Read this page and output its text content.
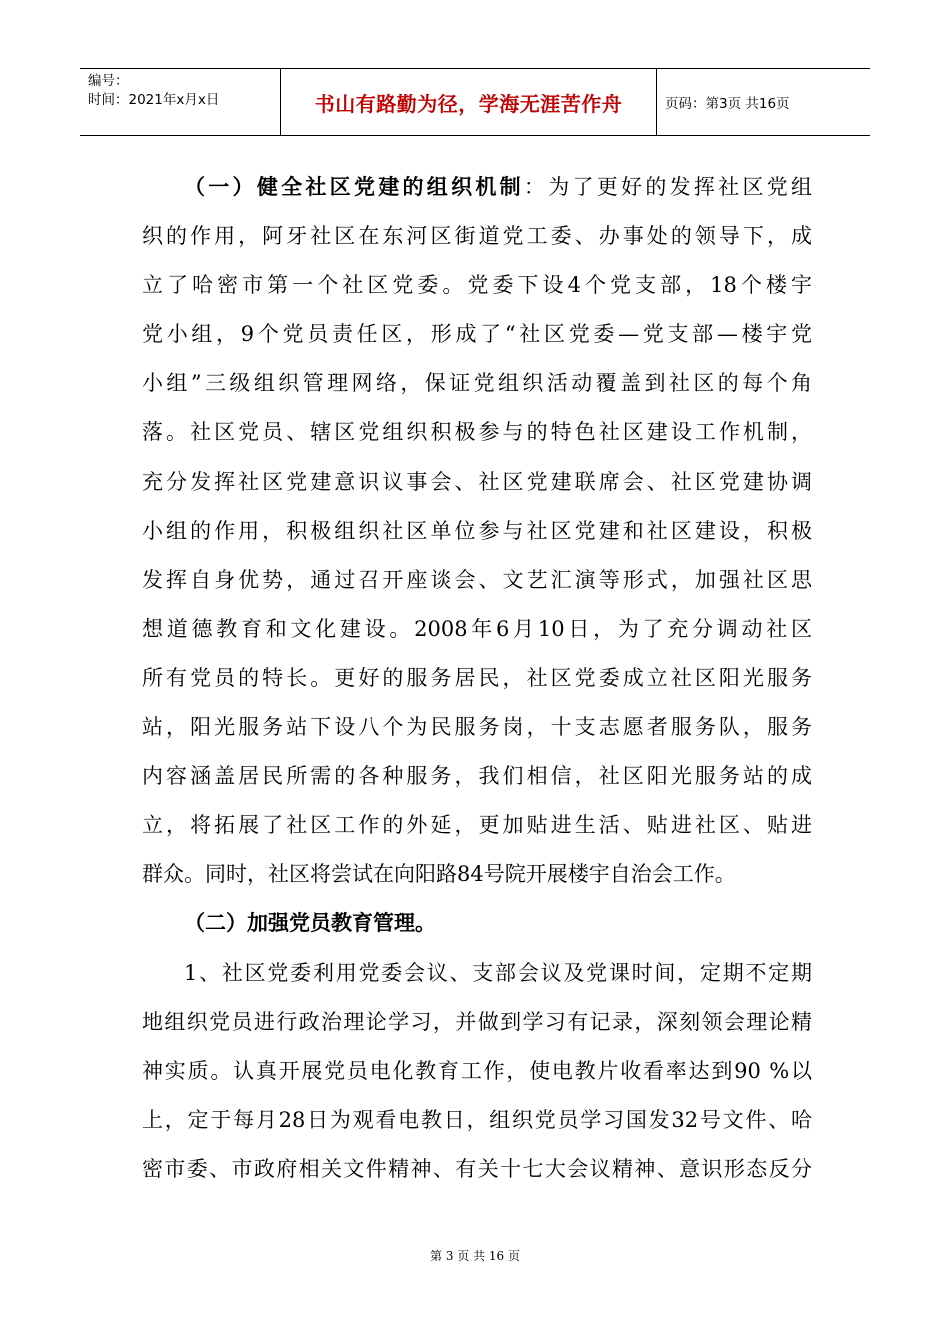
编号：
时间：2021年x月x日	书山有路勤为径，学海无涯苦作舟	页码：第3页 共16页
（一）健全社区党建的组织机制：为了更好的发挥社区党组
织的作用，阿牙社区在东河区街道党工委、办事处的领导下，成
立了哈密市第一个社区党委。党委下设4个党支部，18个楼宇
党小组，9个党员责任区，形成了“社区党委—党支部—楼宇党
小组”三级组织管理网络，保证党组织活动覆盖到社区的每个角
落。社区党员、辖区党组织积极参与的特色社区建设工作机制，
充分发挥社区党建意识议事会、社区党建联席会、社区党建协调
小组的作用，积极组织社区单位参与社区党建和社区建设，积极
发挥自身优势，通过召开座谈会、文艺汇演等形式，加强社区思
想道德教育和文化建设。2008年6月10日，为了充分调动社区
所有党员的特长。更好的服务居民，社区党委成立社区阳光服务
站，阳光服务站下设八个为民服务岗，十支志愿者服务队，服务
内容涵盖居民所需的各种服务，我们相信，社区阳光服务站的成
立，将拓展了社区工作的外延，更加贴进生活、贴进社区、贴进
群众。同时，社区将尝试在向阳路84号院开展楼宇自治会工作。
（二）加强党员教育管理。
1、社区党委利用党委会议、支部会议及党课时间，定期不定期
地组织党员进行政治理论学习，并做到学习有记录，深刻领会理论精
神实质。认真开展党员电化教育工作，使电教片收看率达到90 %以
上，定于每月28日为观看电教日，组织党员学习国发32号文件、哈
密市委、市政府相关文件精神、有关十七大会议精神、意识形态反分
第 3 页 共 16 页
